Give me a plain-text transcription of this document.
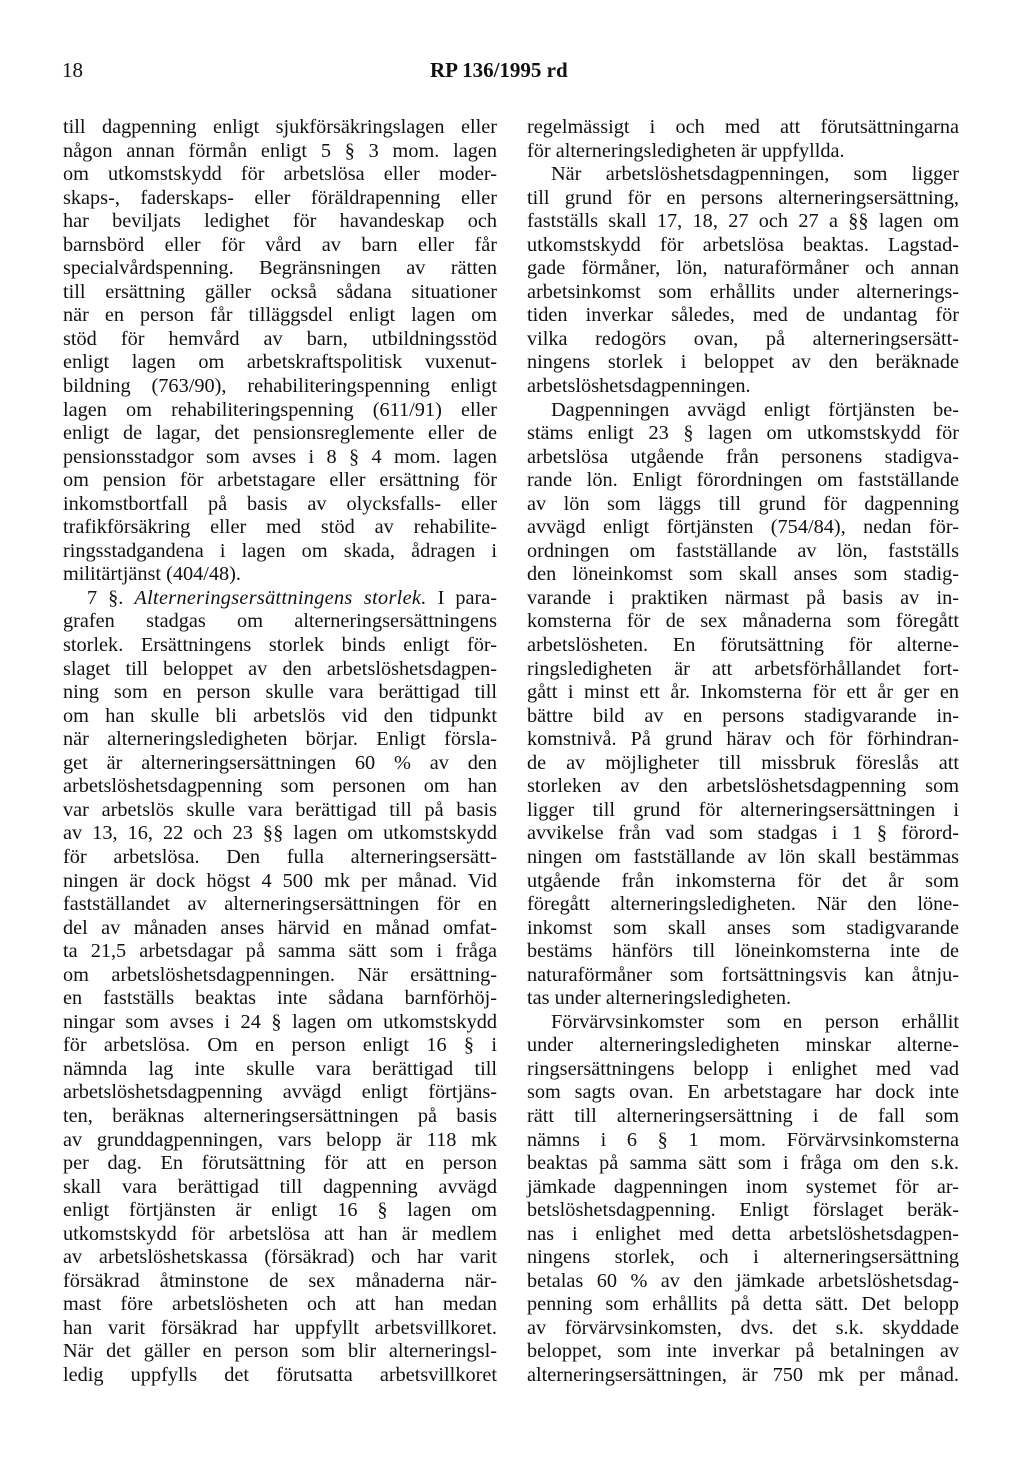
18	RP 136/1995 rd
till dagpenning enligt sjukförsäkringslagen eller
någon annan förmån enligt 5 § 3 mom. lagen
om utkomstskydd för arbetslösa eller moder-
skaps-, faderskaps- eller föräldrapenning eller
har beviljats ledighet för havandeskap och
barnsbörd eller för vård av barn eller får
specialvårdspenning. Begränsningen av rätten
till ersättning gäller också sådana situationer
när en person får tilläggsdel enligt lagen om
stöd för hemvård av barn, utbildningsstöd
enligt lagen om arbetskraftspolitisk vuxenut-
bildning (763/90), rehabiliteringspenning enligt
lagen om rehabiliteringspenning (611/91) eller
enligt de lagar, det pensionsreglemente eller de
pensionsstadgor som avses i 8 § 4 mom. lagen
om pension för arbetstagare eller ersättning för
inkomstbortfall på basis av olycksfalls- eller
trafikförsäkring eller med stöd av rehabilite-
ringsstadgandena i lagen om skada, ådragen i
militärtjänst (404/48).
7 §. Alterneringsersättningens storlek. I para-
grafen stadgas om alterneringsersättningens
storlek. Ersättningens storlek binds enligt för-
slaget till beloppet av den arbetslöshetsdagpen-
ning som en person skulle vara berättigad till
om han skulle bli arbetslös vid den tidpunkt
när alterneringsledigheten börjar. Enligt försla-
get är alterneringsersättningen 60 % av den
arbetslöshetsdagpenning som personen om han
var arbetslös skulle vara berättigad till på basis
av 13, 16, 22 och 23 §§ lagen om utkomstskydd
för arbetslösa. Den fulla alterneringsersätt-
ningen är dock högst 4 500 mk per månad. Vid
fastställandet av alterneringsersättningen för en
del av månaden anses härvid en månad omfat-
ta 21,5 arbetsdagar på samma sätt som i fråga
om arbetslöshetsdagpenningen. När ersättning-
en fastställs beaktas inte sådana barnförhöj-
ningar som avses i 24 § lagen om utkomstskydd
för arbetslösa. Om en person enligt 16 § i
nämnda lag inte skulle vara berättigad till
arbetslöshetsdagpenning avvägd enligt förtjäns-
ten, beräknas alterneringsersättningen på basis
av grunddagpenningen, vars belopp är 118 mk
per dag. En förutsättning för att en person
skall vara berättigad till dagpenning avvägd
enligt förtjänsten är enligt 16 § lagen om
utkomstskydd för arbetslösa att han är medlem
av arbetslöshetskassa (försäkrad) och har varit
försäkrad åtminstone de sex månaderna när-
mast före arbetslösheten och att han medan
han varit försäkrad har uppfyllt arbetsvillkoret.
När det gäller en person som blir alterneringsl-
ledig uppfylls det förutsatta arbetsvillkoret
regelmässigt i och med att förutsättningarna
för alterneringsledigheten är uppfyllda.
När arbetslöshetsdagpenningen, som ligger
till grund för en persons alterneringsersättning,
fastställs skall 17, 18, 27 och 27 a §§ lagen om
utkomstskydd för arbetslösa beaktas. Lagstad-
gade förmåner, lön, naturaförmåner och annan
arbetsinkomst som erhållits under alternerings-
tiden inverkar således, med de undantag för
vilka redogörs ovan, på alterneringsersätt-
ningens storlek i beloppet av den beräknade
arbetslöshetsdagpenningen.
Dagpenningen avvägd enligt förtjänsten be-
stäms enligt 23 § lagen om utkomstskydd för
arbetslösa utgående från personens stadigva-
rande lön. Enligt förordningen om fastställande
av lön som läggs till grund för dagpenning
avvägd enligt förtjänsten (754/84), nedan för-
ordningen om fastställande av lön, fastställs
den löneinkomst som skall anses som stadig-
varande i praktiken närmast på basis av in-
komsterna för de sex månaderna som föregått
arbetslösheten. En förutsättning för alterne-
ringsledigheten är att arbetsförhållandet fort-
gått i minst ett år. Inkomsterna för ett år ger en
bättre bild av en persons stadigvarande in-
komstnivå. På grund härav och för förhindran-
de av möjligheter till missbruk föreslås att
storleken av den arbetslöshetsdagpenning som
ligger till grund för alterneringsersättningen i
avvikelse från vad som stadgas i 1 § förord-
ningen om fastställande av lön skall bestämmas
utgående från inkomsterna för det år som
föregått alterneringsledigheten. När den löne-
inkomst som skall anses som stadigvarande
bestäms hänförs till löneinkomsterna inte de
naturaförmåner som fortsättningsvis kan åtnju-
tas under alterneringsledigheten.
Förvärvsinkomster som en person erhållit
under alterneringsledigheten minskar alterne-
ringsersättningens belopp i enlighet med vad
som sagts ovan. En arbetstagare har dock inte
rätt till alterneringsersättning i de fall som
nämns i 6 § 1 mom. Förvärvsinkomsterna
beaktas på samma sätt som i fråga om den s.k.
jämkade dagpenningen inom systemet för ar-
betslöshetsdagpenning. Enligt förslaget beräk-
nas i enlighet med detta arbetslöshetsdagpen-
ningens storlek, och i alterneringsersättning
betalas 60 % av den jämkade arbetslöshetsdag-
penning som erhållits på detta sätt. Det belopp
av förvärvsinkomsten, dvs. det s.k. skyddade
beloppet, som inte inverkar på betalningen av
alterneringsersättningen, är 750 mk per månad.
